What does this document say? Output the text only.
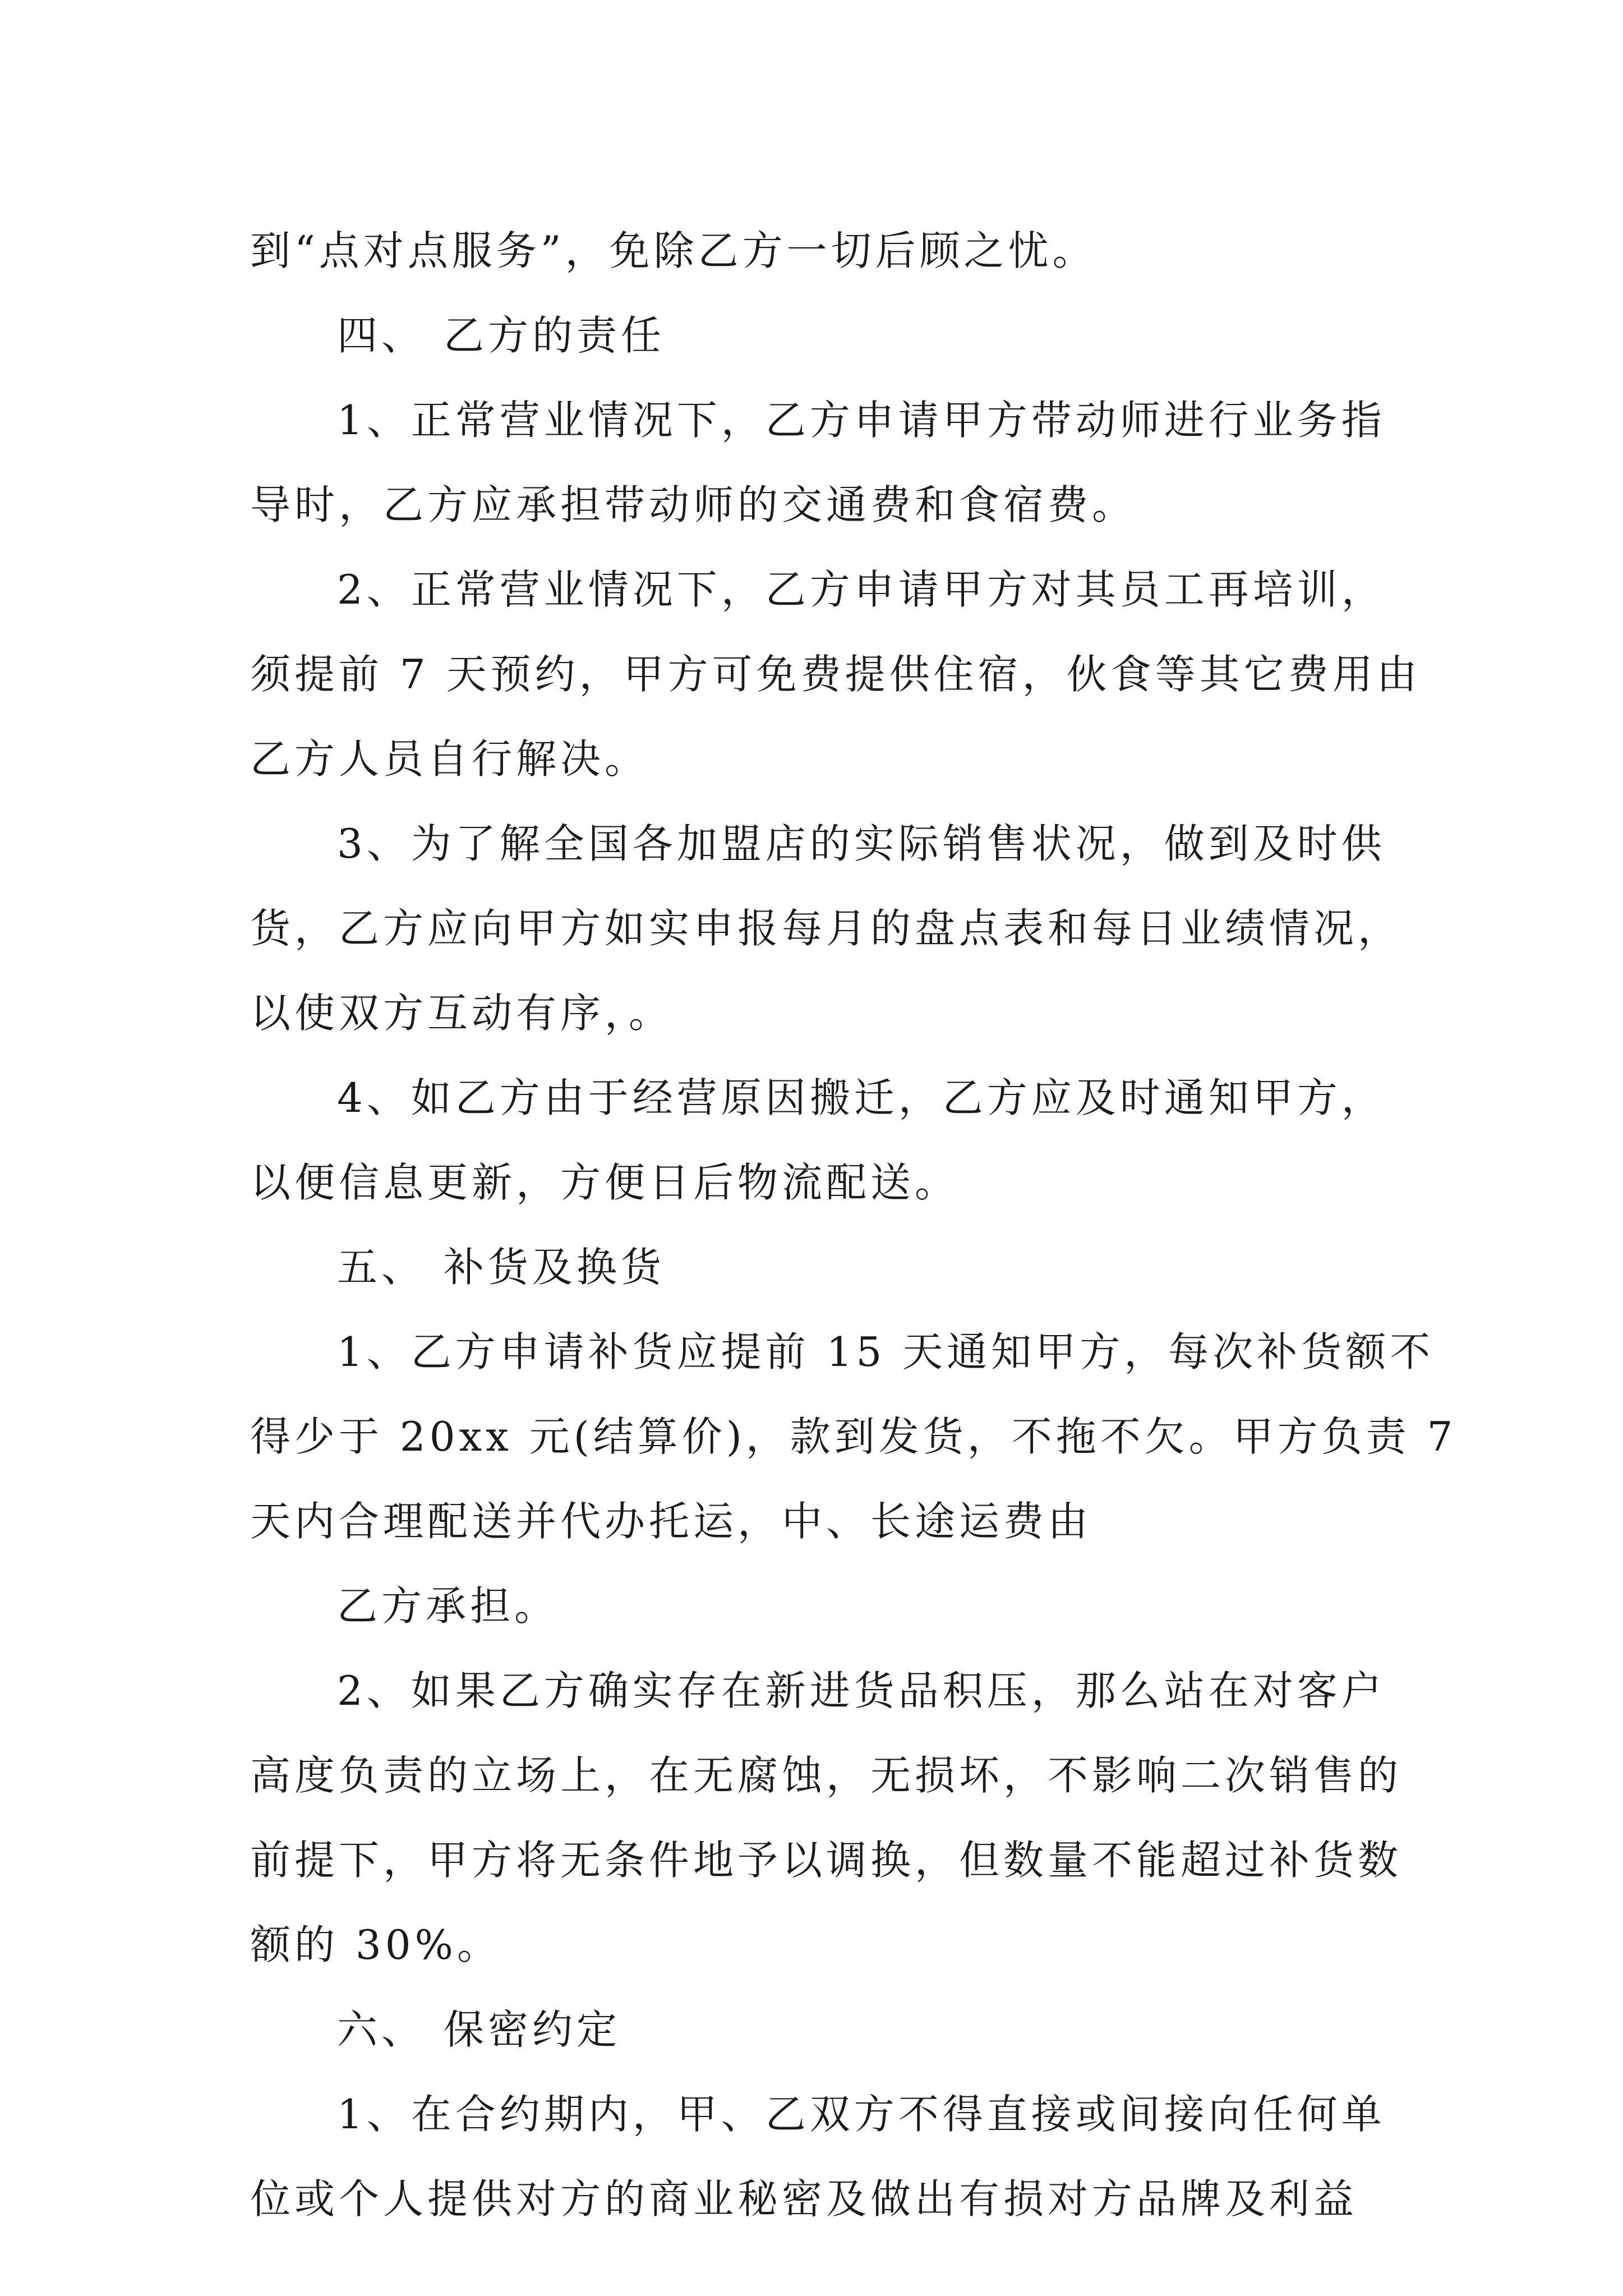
到“点对点服务”，免除乙方一切后顾之忧。
四、 乙方的责任
1、正常营业情况下，乙方申请甲方带动师进行业务指
导时，乙方应承担带动师的交通费和食宿费。
2、正常营业情况下，乙方申请甲方对其员工再培训，
须提前 7 天预约，甲方可免费提供住宿，伙食等其它费用由
乙方人员自行解决。
3、为了解全国各加盟店的实际销售状况，做到及时供
货，乙方应向甲方如实申报每月的盘点表和每日业绩情况，
以使双方互动有序，。
4、如乙方由于经营原因搬迁，乙方应及时通知甲方，
以便信息更新，方便日后物流配送。
五、 补货及换货
1、乙方申请补货应提前 15 天通知甲方，每次补货额不
得少于 20xx 元(结算价)，款到发货，不拖不欠。甲方负责 7
天内合理配送并代办托运，中、长途运费由
乙方承担。
2、如果乙方确实存在新进货品积压，那么站在对客户
高度负责的立场上，在无腐蚀，无损坏，不影响二次销售的
前提下，甲方将无条件地予以调换，但数量不能超过补货数
额的 30%。
六、 保密约定
1、在合约期内，甲、乙双方不得直接或间接向任何单
位或个人提供对方的商业秘密及做出有损对方品牌及利益
